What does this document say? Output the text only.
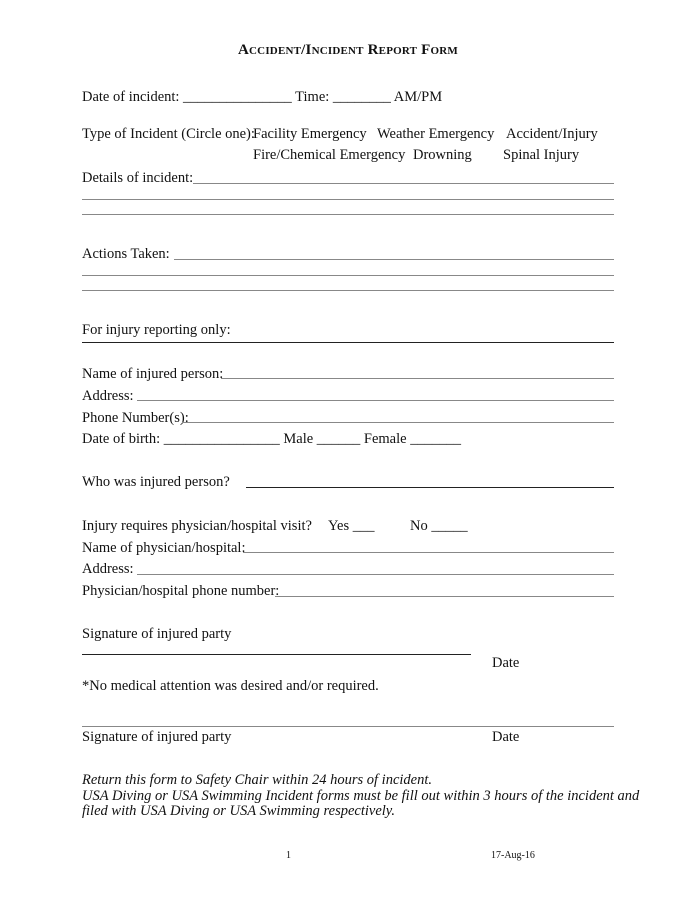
Accident/Incident Report Form
Date of incident: _______________ Time: ________ AM/PM
Type of Incident (Circle one):
Facility Emergency Weather Emergency Accident/Injury
Fire/Chemical Emergency Drowning Spinal Injury
Details of incident:
Actions Taken:
For injury reporting only:
Name of injured person:
Address:
Phone Number(s):
Date of birth: ________________ Male ______ Female _______
Who was injured person?
Injury requires physician/hospital visit? Yes ___ No _____
Name of physician/hospital:
Address:
Physician/hospital phone number:
Signature of injured party
Date
*No medical attention was desired and/or required.
Signature of injured party	Date
Return this form to Safety Chair within 24 hours of incident.
USA Diving or USA Swimming Incident forms must be fill out within 3 hours of the incident and
filed with USA Diving or USA Swimming respectively.
1	17-Aug-16
